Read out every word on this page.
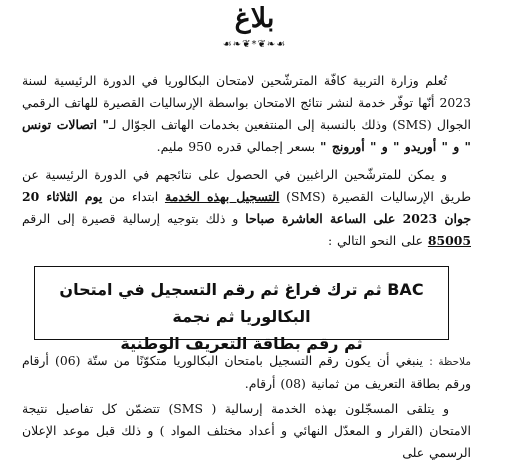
بلاغ
☙❧❦*❦❧☙
تُعلم وزارة التربية كافّة المترشّحين لامتحان البكالوريا في الدورة الرئيسية لسنة 2023 أنّها توفّر خدمة لنشر نتائج الامتحان بواسطة الإرساليات القصيرة للهاتف الرقمي الجوال (SMS) وذلك بالنسبة إلى المنتفعين بخدمات الهاتف الجوّال لـ" اتصالات تونس " و " أوريدو " و " أورونج " بسعر إجمالي قدره 950 مليم.
و يمكن للمترشّحين الراغبين في الحصول على نتائجهم في الدورة الرئيسية عن طريق الإرساليات القصيرة (SMS) التسجيل بهذه الخدمة ابتداء من يوم الثلاثاء 20 جوان 2023 على الساعة العاشرة صباحا و ذلك بتوجيه إرسالية قصيرة إلى الرقم 85005 على النحو التالي :
BAC ثم ترك فراغ ثم رقم التسجيل في امتحان البكالوريا ثم نجمة
ثم رقم بطاقة التعريف الوطنية
ملاحظة : ينبغي أن يكون رقم التسجيل بامتحان البكالوريا متكوّنًا من ستّة (06) أرقام ورقم بطاقة التعريف من ثمانية (08) أرقام.
و يتلقى المسجّلون بهذه الخدمة إرسالية ( SMS) تتضمّن كل تفاصيل نتيجة الامتحان (القرار و المعدّل النهائي و أعداد مختلف المواد ) و ذلك قبل موعد الإعلان الرسمي على
